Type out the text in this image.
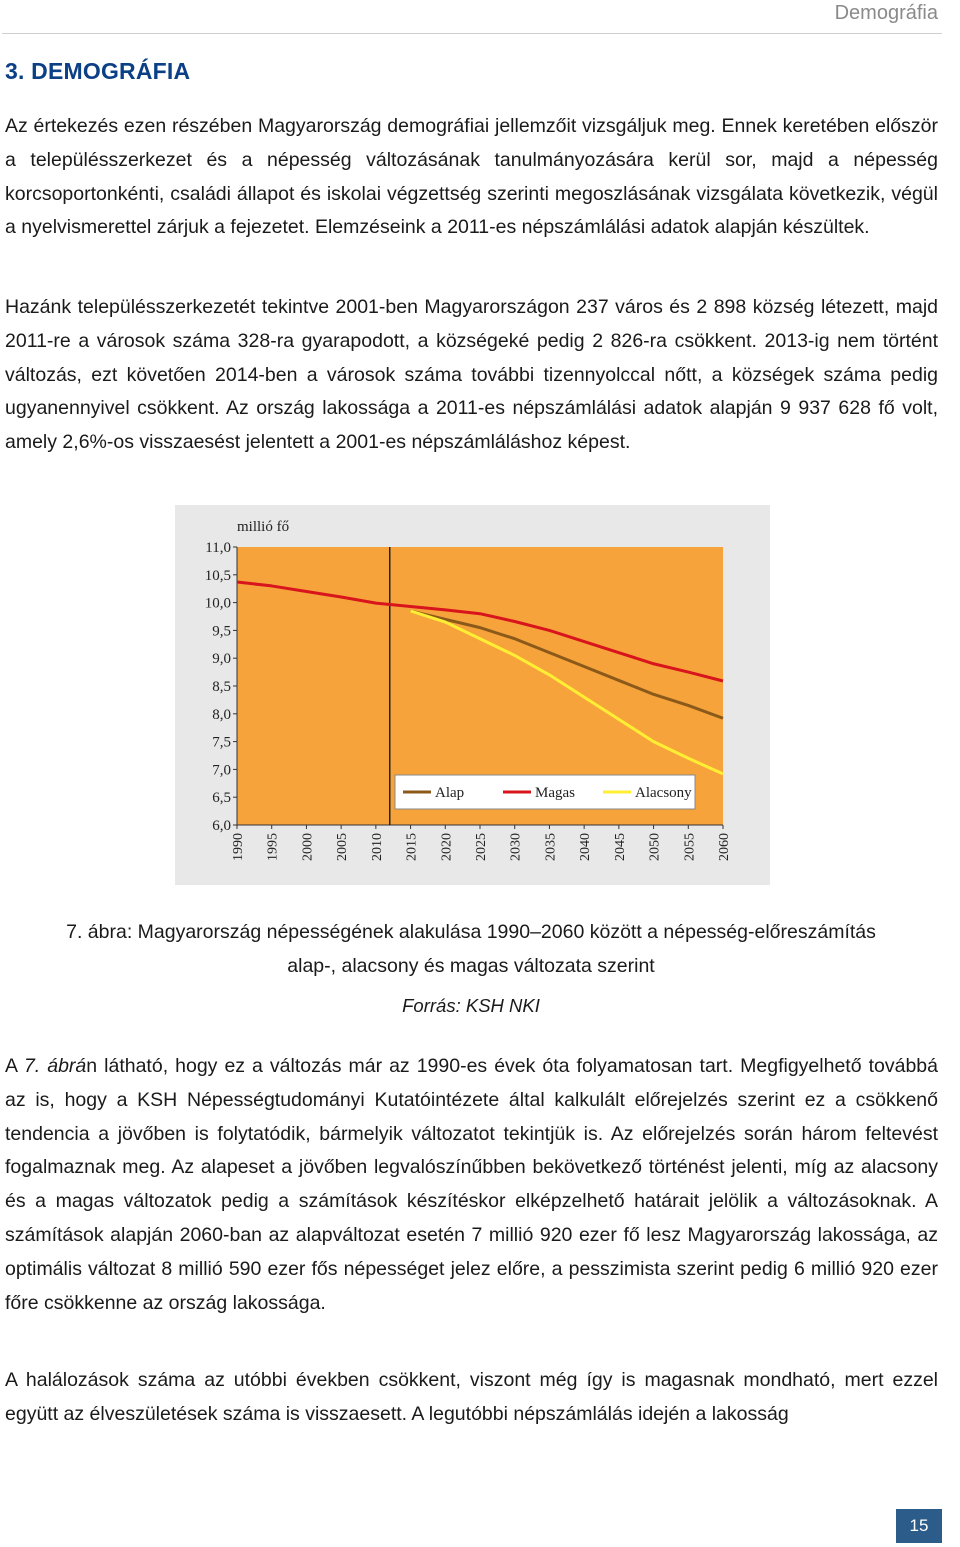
Demográfia
3. DEMOGRÁFIA

Az értekezés ezen részében Magyarország demográfiai jellemzőit vizsgáljuk meg. Ennek keretében először a településszerkezet és a népesség változásának tanulmányozására kerül sor, majd a népesség korcsoportonkénti, családi állapot és iskolai végzettség szerinti megoszlásának vizsgálata következik, végül a nyelvismerettel zárjuk a fejezetet. Elemzéseink a 2011-es népszámlálási adatok alapján készültek.

Hazánk településszerkezetét tekintve 2001-ben Magyarországon 237 város és 2 898 község létezett, majd 2011-re a városok száma 328-ra gyarapodott, a községeké pedig 2 826-ra csökkent. 2013-ig nem történt változás, ezt követően 2014-ben a városok száma további tizennyolccal nőtt, a községek száma pedig ugyanennyivel csökkent. Az ország lakossága a 2011-es népszámlálási adatok alapján 9 937 628 fő volt, amely 2,6%-os visszaesést jelentett a 2001-es népszámláláshoz képest.

millió fő
11,0
10,5
10,0
9,5
9,0
8,5
8,0
7,5
7,0
6,5
6,0
1990 1995 2000 2005 2010 2015 2020 2025 2030 2035 2040 2045 2050 2055 2060
Alap	Magas	Alacsony
7. ábra: Magyarország népességének alakulása 1990–2060 között a népesség-előreszámítás
alap-, alacsony és magas változata szerint
Forrás: KSH NKI

A 7. ábrán látható, hogy ez a változás már az 1990-es évek óta folyamatosan tart. Megfigyelhető továbbá az is, hogy a KSH Népességtudományi Kutatóintézete által kalkulált előrejelzés szerint ez a csökkenő tendencia a jövőben is folytatódik, bármelyik változatot tekintjük is. Az előrejelzés során három feltevést fogalmaznak meg. Az alapeset a jövőben legvalószínűbben bekövetkező történést jelenti, míg az alacsony és a magas változatok pedig a számítások készítéskor elképzelhető határait jelölik a változásoknak. A számítások alapján 2060-ban az alapváltozat esetén 7 millió 920 ezer fő lesz Magyarország lakossága, az optimális változat 8 millió 590 ezer fős népességet jelez előre, a pesszimista szerint pedig 6 millió 920 ezer főre csökkenne az ország lakossága.

A halálozások száma az utóbbi években csökkent, viszont még így is magasnak mondható, mert ezzel együtt az élveszületések száma is visszaesett. A legutóbbi népszámlálás idején a lakosság

15
